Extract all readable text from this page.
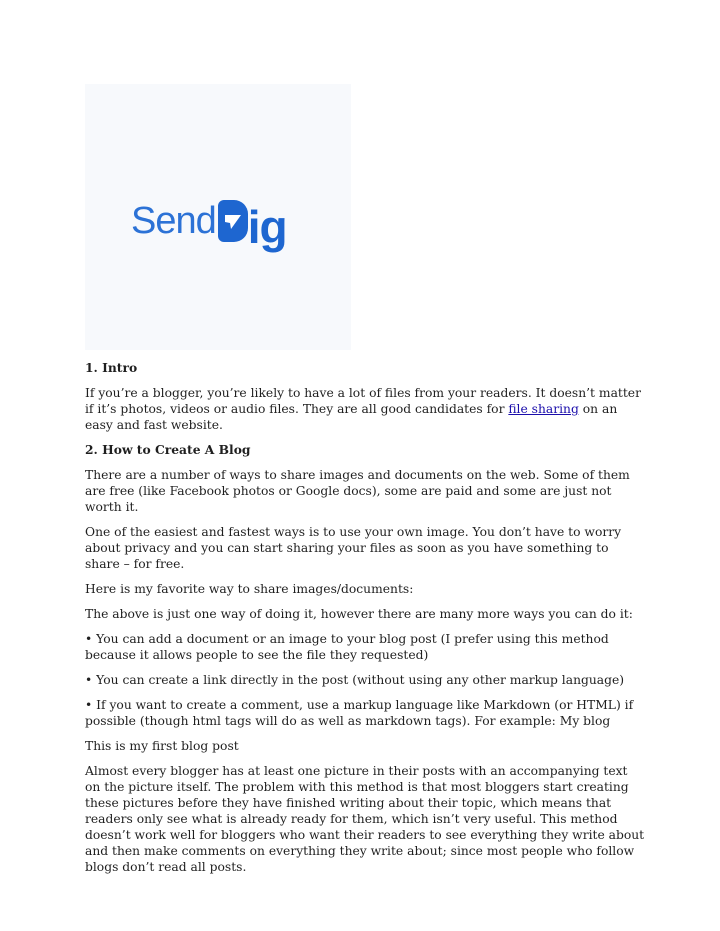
Send ig

1. Intro

If you’re a blogger, you’re likely to have a lot of files from your readers. It doesn’t matter if it’s photos, videos or audio files. They are all good candidates for file sharing on an easy and fast website.

2. How to Create A Blog

There are a number of ways to share images and documents on the web. Some of them are free (like Facebook photos or Google docs), some are paid and some are just not worth it.

One of the easiest and fastest ways is to use your own image. You don’t have to worry about privacy and you can start sharing your files as soon as you have something to share – for free.

Here is my favorite way to share images/documents:

The above is just one way of doing it, however there are many more ways you can do it:

• You can add a document or an image to your blog post (I prefer using this method because it allows people to see the file they requested)

• You can create a link directly in the post (without using any other markup language)

• If you want to create a comment, use a markup language like Markdown (or HTML) if possible (though html tags will do as well as markdown tags). For example: My blog

This is my first blog post

Almost every blogger has at least one picture in their posts with an accompanying text on the picture itself. The problem with this method is that most bloggers start creating these pictures before they have finished writing about their topic, which means that readers only see what is already ready for them, which isn’t very useful. This method doesn’t work well for bloggers who want their readers to see everything they write about and then make comments on everything they write about; since most people who follow blogs don’t read all posts.
